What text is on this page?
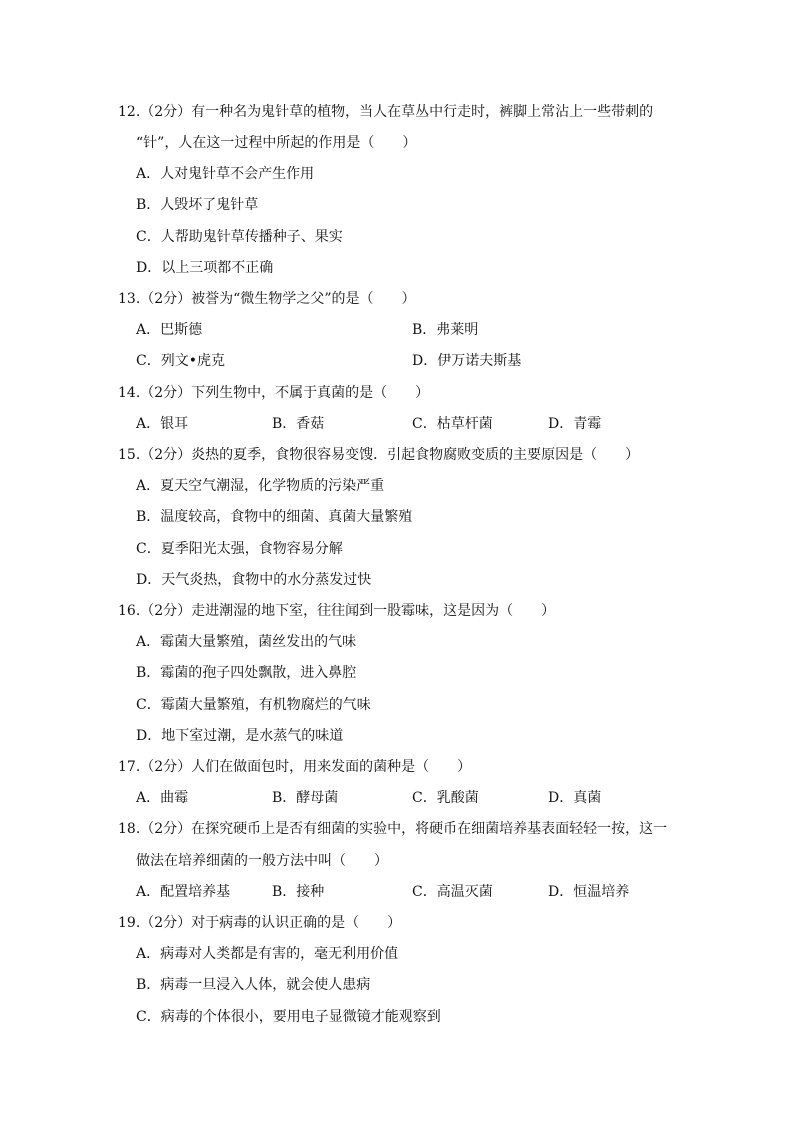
12.（2分）有一种名为鬼针草的植物，当人在草丛中行走时，裤脚上常沾上一些带刺的
“针”，人在这一过程中所起的作用是（　　）
A．人对鬼针草不会产生作用
B．人毁坏了鬼针草
C．人帮助鬼针草传播种子、果实
D．以上三项都不正确
13.（2分）被誉为“微生物学之父”的是（　　）
A．巴斯德	B．弗莱明
C．列文•虎克	D．伊万诺夫斯基
14.（2分）下列生物中，不属于真菌的是（　　）
A．银耳	B．香菇	C．枯草杆菌	D．青霉
15.（2分）炎热的夏季，食物很容易变馊．引起食物腐败变质的主要原因是（　　）
A．夏天空气潮湿，化学物质的污染严重
B．温度较高，食物中的细菌、真菌大量繁殖
C．夏季阳光太强，食物容易分解
D．天气炎热，食物中的水分蒸发过快
16.（2分）走进潮湿的地下室，往往闻到一股霉味，这是因为（　　）
A．霉菌大量繁殖，菌丝发出的气味
B．霉菌的孢子四处飘散，进入鼻腔
C．霉菌大量繁殖，有机物腐烂的气味
D．地下室过潮，是水蒸气的味道
17.（2分）人们在做面包时，用来发面的菌种是（　　）
A．曲霉	B．酵母菌	C．乳酸菌	D．真菌
18.（2分）在探究硬币上是否有细菌的实验中，将硬币在细菌培养基表面轻轻一按，这一
做法在培养细菌的一般方法中叫（　　）
A．配置培养基	B．接种	C．高温灭菌	D．恒温培养
19.（2分）对于病毒的认识正确的是（　　）
A．病毒对人类都是有害的，毫无利用价值
B．病毒一旦浸入人体，就会使人患病
C．病毒的个体很小，要用电子显微镜才能观察到
